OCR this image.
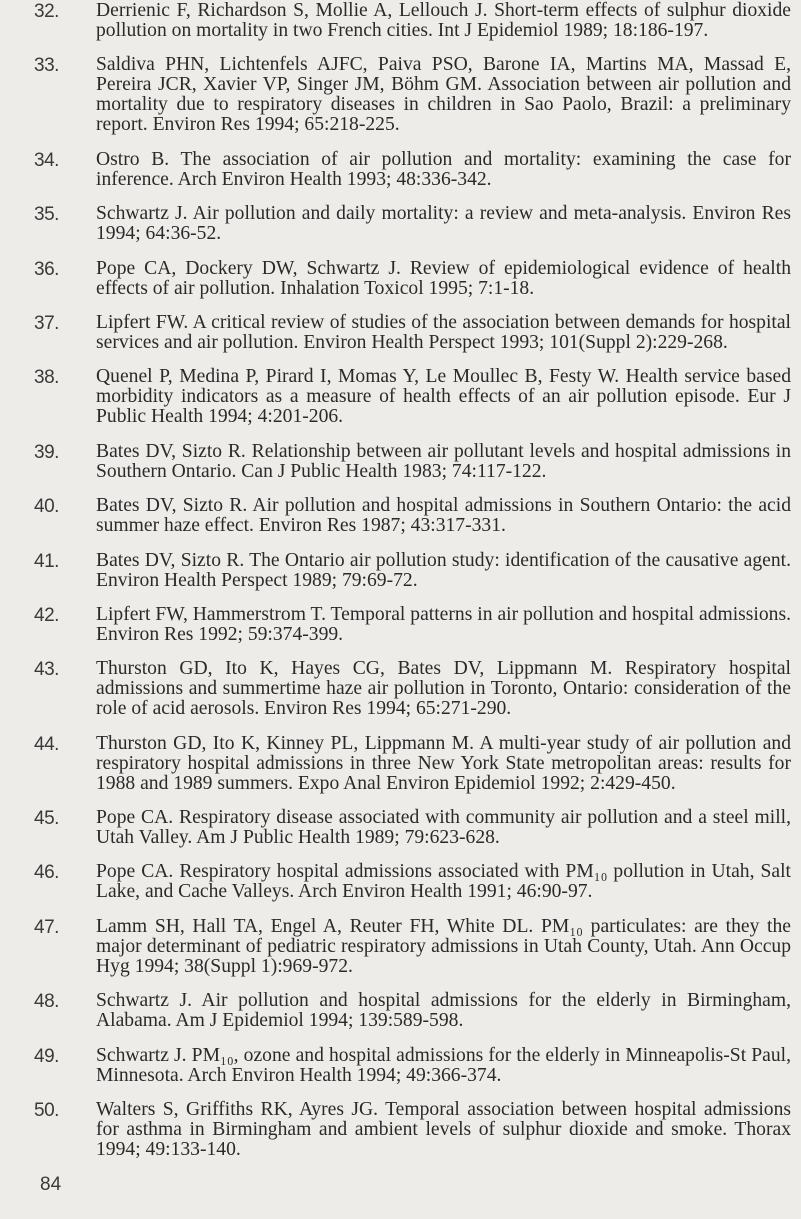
32. Derrienic F, Richardson S, Mollie A, Lellouch J. Short-term effects of sulphur dioxide pollution on mortality in two French cities. Int J Epidemiol 1989; 18:186-197.
33. Saldiva PHN, Lichtenfels AJFC, Paiva PSO, Barone IA, Martins MA, Massad E, Pereira JCR, Xavier VP, Singer JM, Böhm GM. Association between air pollution and mortality due to respiratory diseases in children in Sao Paolo, Brazil: a preliminary report. Environ Res 1994; 65:218-225.
34. Ostro B. The association of air pollution and mortality: examining the case for inference. Arch Environ Health 1993; 48:336-342.
35. Schwartz J. Air pollution and daily mortality: a review and meta-analysis. Environ Res 1994; 64:36-52.
36. Pope CA, Dockery DW, Schwartz J. Review of epidemiological evidence of health effects of air pollution. Inhalation Toxicol 1995; 7:1-18.
37. Lipfert FW. A critical review of studies of the association between demands for hospital services and air pollution. Environ Health Perspect 1993; 101(Suppl 2):229-268.
38. Quenel P, Medina P, Pirard I, Momas Y, Le Moullec B, Festy W. Health service based morbidity indicators as a measure of health effects of an air pollution episode. Eur J Public Health 1994; 4:201-206.
39. Bates DV, Sizto R. Relationship between air pollutant levels and hospital admissions in Southern Ontario. Can J Public Health 1983; 74:117-122.
40. Bates DV, Sizto R. Air pollution and hospital admissions in Southern Ontario: the acid summer haze effect. Environ Res 1987; 43:317-331.
41. Bates DV, Sizto R. The Ontario air pollution study: identification of the causative agent. Environ Health Perspect 1989; 79:69-72.
42. Lipfert FW, Hammerstrom T. Temporal patterns in air pollution and hospital admissions. Environ Res 1992; 59:374-399.
43. Thurston GD, Ito K, Hayes CG, Bates DV, Lippmann M. Respiratory hospital admissions and summertime haze air pollution in Toronto, Ontario: consideration of the role of acid aerosols. Environ Res 1994; 65:271-290.
44. Thurston GD, Ito K, Kinney PL, Lippmann M. A multi-year study of air pollution and respiratory hospital admissions in three New York State metropolitan areas: results for 1988 and 1989 summers. Expo Anal Environ Epidemiol 1992; 2:429-450.
45. Pope CA. Respiratory disease associated with community air pollution and a steel mill, Utah Valley. Am J Public Health 1989; 79:623-628.
46. Pope CA. Respiratory hospital admissions associated with PM₁₀ pollution in Utah, Salt Lake, and Cache Valleys. Arch Environ Health 1991; 46:90-97.
47. Lamm SH, Hall TA, Engel A, Reuter FH, White DL. PM₁₀ particulates: are they the major determinant of pediatric respiratory admissions in Utah County, Utah. Ann Occup Hyg 1994; 38(Suppl 1):969-972.
48. Schwartz J. Air pollution and hospital admissions for the elderly in Birmingham, Alabama. Am J Epidemiol 1994; 139:589-598.
49. Schwartz J. PM₁₀, ozone and hospital admissions for the elderly in Minneapolis-St Paul, Minnesota. Arch Environ Health 1994; 49:366-374.
50. Walters S, Griffiths RK, Ayres JG. Temporal association between hospital admissions for asthma in Birmingham and ambient levels of sulphur dioxide and smoke. Thorax 1994; 49:133-140.
84
